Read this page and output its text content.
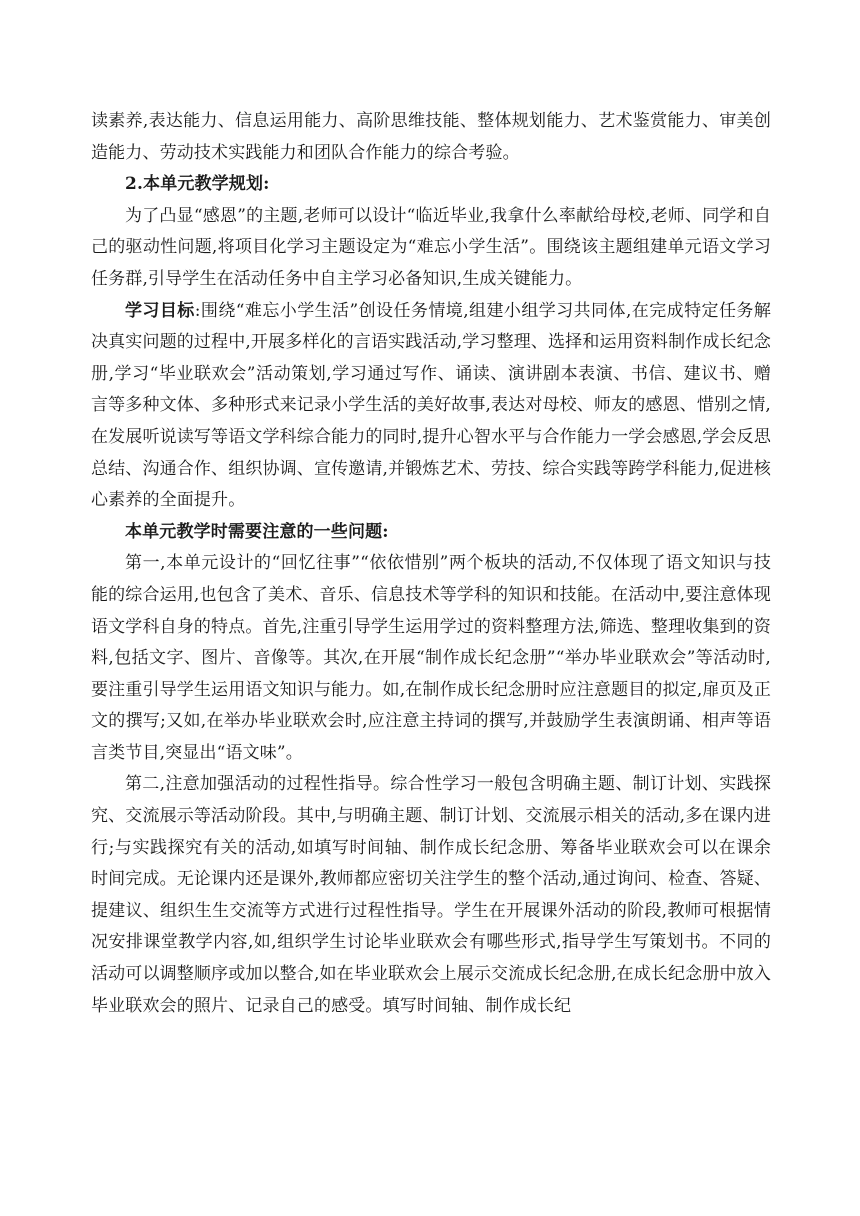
读素养,表达能力、信息运用能力、高阶思维技能、整体规划能力、艺术鉴赏能力、审美创造能力、劳动技术实践能力和团队合作能力的综合考验。

2.本单元教学规划:

为了凸显“感恩”的主题,老师可以设计“临近毕业,我拿什么率献给母校,老师、同学和自己的驱动性问题,将项目化学习主题设定为“难忘小学生活”。围绕该主题组建单元语文学习任务群,引导学生在活动任务中自主学习必备知识,生成关键能力。

学习目标:围绕“难忘小学生活”创设任务情境,组建小组学习共同体,在完成特定任务解决真实问题的过程中,开展多样化的言语实践活动,学习整理、选择和运用资料制作成长纪念册,学习“毕业联欢会”活动策划,学习通过写作、诵读、演讲剧本表演、书信、建议书、赠言等多种文体、多种形式来记录小学生活的美好故事,表达对母校、师友的感恩、惜别之情,在发展听说读写等语文学科综合能力的同时,提升心智水平与合作能力一学会感恩,学会反思总结、沟通合作、组织协调、宣传邀请,并锻炼艺术、劳技、综合实践等跨学科能力,促进核心素养的全面提升。

本单元教学时需要注意的一些问题:

第一,本单元设计的“回忆往事”“依依惜别”两个板块的活动,不仅体现了语文知识与技能的综合运用,也包含了美术、音乐、信息技术等学科的知识和技能。在活动中,要注意体现语文学科自身的特点。首先,注重引导学生运用学过的资料整理方法,筛选、整理收集到的资料,包括文字、图片、音像等。其次,在开展“制作成长纪念册”“举办毕业联欢会”等活动时,要注重引导学生运用语文知识与能力。如,在制作成长纪念册时应注意题目的拟定,扉页及正文的撰写;又如,在举办毕业联欢会时,应注意主持词的撰写,并鼓励学生表演朗诵、相声等语言类节目,突显出“语文味”。

第二,注意加强活动的过程性指导。综合性学习一般包含明确主题、制订计划、实践探究、交流展示等活动阶段。其中,与明确主题、制订计划、交流展示相关的活动,多在课内进行;与实践探究有关的活动,如填写时间轴、制作成长纪念册、筹备毕业联欢会可以在课余时间完成。无论课内还是课外,教师都应密切关注学生的整个活动,通过询问、检查、答疑、提建议、组织生生交流等方式进行过程性指导。学生在开展课外活动的阶段,教师可根据情况安排课堂教学内容,如,组织学生讨论毕业联欢会有哪些形式,指导学生写策划书。不同的活动可以调整顺序或加以整合,如在毕业联欢会上展示交流成长纪念册,在成长纪念册中放入毕业联欢会的照片、记录自己的感受。填写时间轴、制作成长纪
